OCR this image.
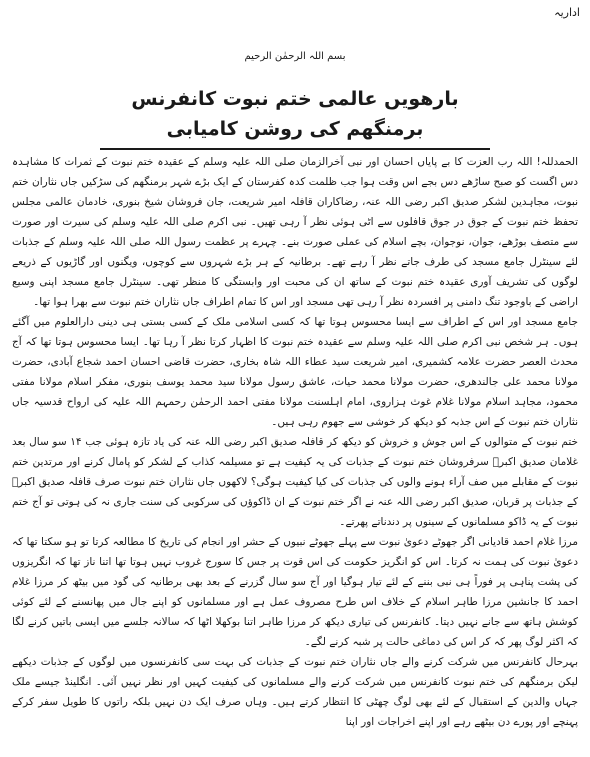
اداریہ
بسم اللہ الرحمٰن الرحیم
بارھویں عالمی ختم نبوت کانفرنس برمنگھم کی روشن کامیابی

الحمدللہ! اللہ رب العزت کا بے پایاں احسان اور نبی آخرالزمان صلی اللہ علیہ وسلم کے عقیدہ ختم نبوت کے ثمرات کا مشاہدہ دس اگست کو صبح ساڑھے دس بجے اس وقت ہوا جب ظلمت کدہ کفرستان کے ایک بڑے شہر برمنگھم کی سڑکیں جاں نثاران ختم نبوت، مجاہدین لشکر صدیق اکبر رضی اللہ عنہ، رضاکاران قافلہ امیر شریعت، جان فروشان شیخ بنوری، خادمان عالمی مجلس تحفظ ختم نبوت کے جوق در جوق قافلوں سے اٹی ہوئی نظر آ رہی تھیں۔ نبی اکرم صلی اللہ علیہ وسلم کی سیرت اور صورت سے متصف بوڑھے، جوان، نوجوان، بچے اسلام کی عملی صورت بنے۔ چہرے پر عظمت رسول اللہ صلی اللہ علیہ وسلم کے جذبات لئے سینٹرل جامع مسجد کی طرف جاتے نظر آ رہے تھے۔ برطانیہ کے ہر بڑے شہروں سے کوچوں، ویگنوں اور گاڑیوں کے ذریعے لوگوں کی تشریف آوری عقیدہ ختم نبوت کے ساتھ ان کی محبت اور وابستگی کا منظر تھی۔ سینٹرل جامع مسجد اپنی وسیع اراضی کے باوجود تنگ دامنی پر افسردہ نظر آ رہی تھی مسجد اور اس کا تمام اطراف جاں نثاران ختم نبوت سے بھرا ہوا تھا۔

جامع مسجد اور اس کے اطراف سے ایسا محسوس ہوتا تھا کہ کسی اسلامی ملک کے کسی بستی ہی دینی دارالعلوم میں آگئے ہوں۔ ہر شخص نبی اکرم صلی اللہ علیہ وسلم سے عقیدہ ختم نبوت کا اظہار کرتا نظر آ رہا تھا۔ ایسا محسوس ہوتا تھا کہ آج محدث العصر حضرت علامہ کشمیری، امیر شریعت سید عطاء اللہ شاہ بخاری، حضرت قاضی احسان احمد شجاع آبادی، حضرت مولانا محمد علی جالندھری، حضرت مولانا محمد حیات، عاشق رسول مولانا سید محمد یوسف بنوری، مفکر اسلام مولانا مفتی محمود، مجاہد اسلام مولانا غلام غوث ہزاروی، امام اہلسنت مولانا مفتی احمد الرحمٰن رحمہم اللہ علیہ کی ارواح قدسیہ جاں نثاران ختم نبوت کے اس جذبہ کو دیکھ کر خوشی سے جھوم رہی ہیں۔

ختم نبوت کے متوالوں کے اس جوش و خروش کو دیکھ کر قافلہ صدیق اکبر رضی اللہ عنہ کی یاد تازہ ہوئی جب ۱۴ سو سال بعد غلامان صدیق اکبرؓ سرفروشان ختم نبوت کے جذبات کی یہ کیفیت ہے تو مسیلمہ کذاب کے لشکر کو پامال کرنے اور مرتدین ختم نبوت کے مقابلے میں صف آراء ہونے والوں کی جذبات کی کیا کیفیت ہوگی؟ لاکھوں جاں نثاران ختم نبوت صرف قافلہ صدیق اکبرؓ کے جذبات پر قربان، صدیق اکبر رضی اللہ عنہ نے اگر ختم نبوت کے ان ڈاکوؤں کی سرکوبی کی سنت جاری نہ کی ہوتی تو آج ختم نبوت کے یہ ڈاکو مسلمانوں کے سینوں پر دندناتے پھرتے۔

مرزا غلام احمد قادیانی اگر جھوٹے دعویٰ نبوت سے پہلے جھوٹے نبیوں کے حشر اور انجام کی تاریخ کا مطالعہ کرتا تو ہو سکتا تھا کہ دعویٰ نبوت کی ہمت نہ کرتا۔ اس کو انگریز حکومت کی اس قوت پر جس کا سورج غروب نہیں ہوتا تھا اتنا ناز تھا کہ انگریزوں کی پشت پناہی پر فوراً ہی نبی بننے کے لئے تیار ہوگیا اور آج سو سال گزرنے کے بعد بھی برطانیہ کی گود میں بیٹھ کر مرزا غلام احمد کا جانشین مرزا طاہر اسلام کے خلاف اس طرح مصروف عمل ہے اور مسلمانوں کو اپنے جال میں پھانسنے کے لئے کوئی کوشش ہاتھ سے جانے نہیں دیتا۔ کانفرنس کی تیاری دیکھ کر مرزا طاہر اتنا بوکھلا اٹھا کہ سالانہ جلسے میں ایسی باتیں کرنے لگا کہ اکثر لوگ پھر کہ کر اس کی دماغی حالت پر شبہ کرنے لگے۔

بہرحال کانفرنس میں شرکت کرنے والے جاں نثاران ختم نبوت کے جذبات کی بہت سی کانفرنسوں میں لوگوں کے جذبات دیکھے لیکن برمنگھم کی ختم نبوت کانفرنس میں شرکت کرنے والے مسلمانوں کی کیفیت کہیں اور نظر نہیں آئی۔ انگلینڈ جیسے ملک جہاں والدین کے استقبال کے لئے بھی لوگ چھٹی کا انتظار کرتے ہیں۔ وہاں صرف ایک دن نہیں بلکہ راتوں کا طویل سفر کرکے پہنچے اور پورے دن بیٹھے رہے اور اپنے اخراجات اور اپنا
